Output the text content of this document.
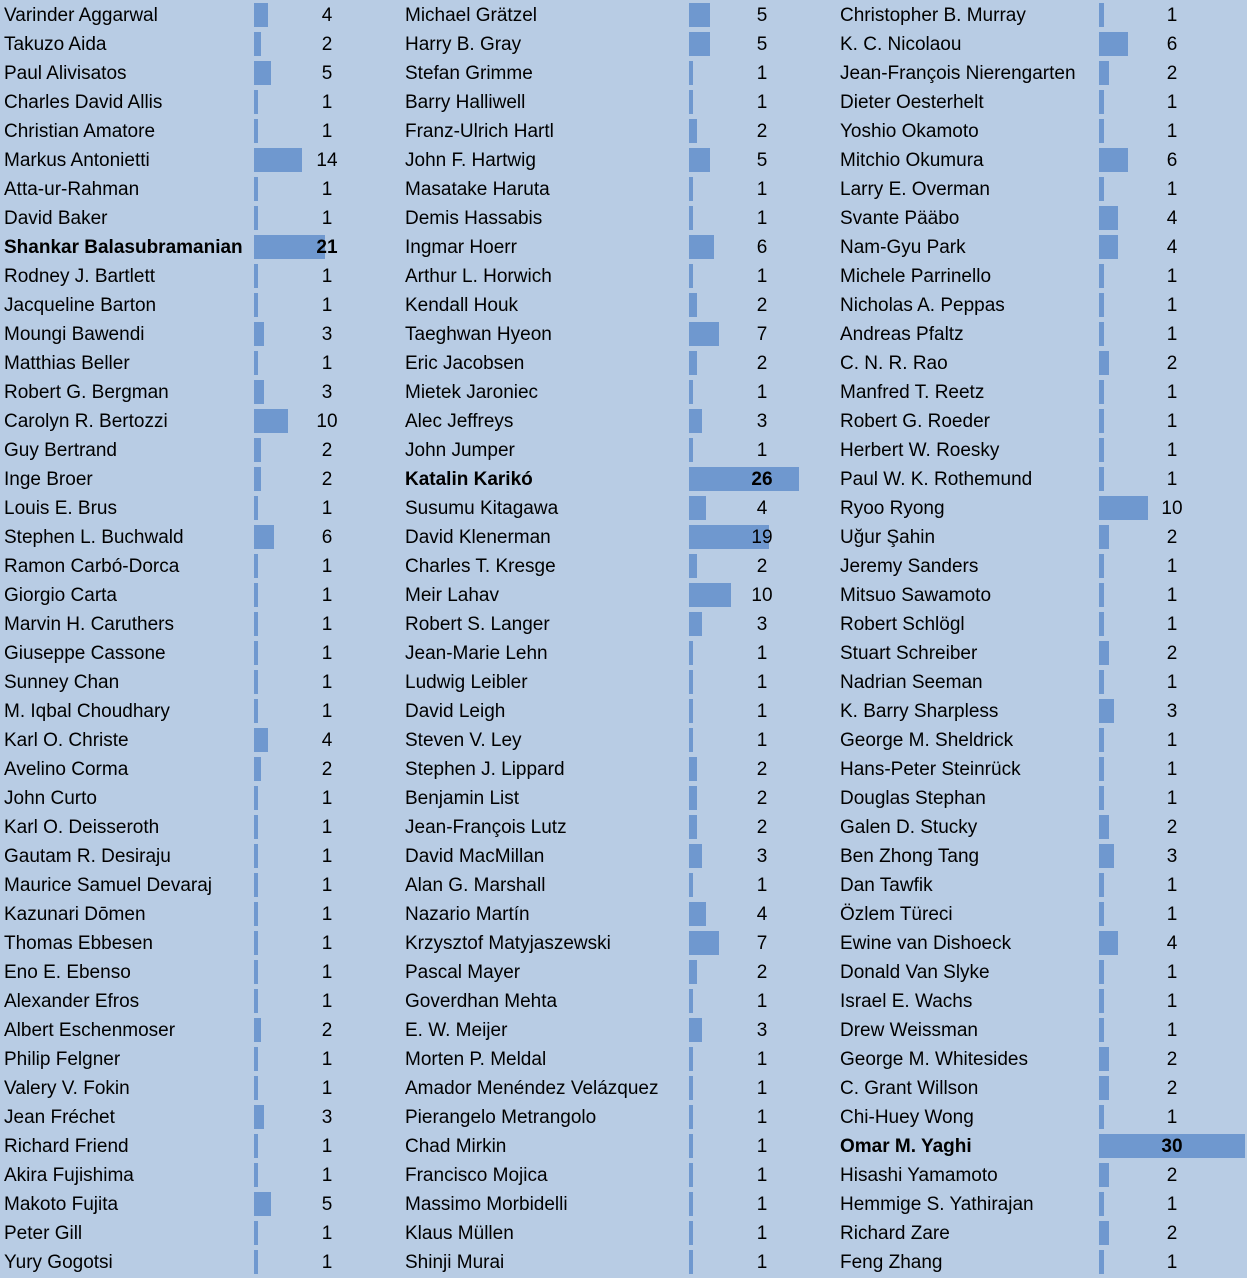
Varinder Aggarwal	4
Takuzo Aida	2
Paul Alivisatos	5
Charles David Allis	1
Christian Amatore	1
Markus Antonietti	14
Atta-ur-Rahman	1
David Baker	1
Shankar Balasubramanian	21
Rodney J. Bartlett	1
Jacqueline Barton	1
Moungi Bawendi	3
Matthias Beller	1
Robert G. Bergman	3
Carolyn R. Bertozzi	10
Guy Bertrand	2
Inge Broer	2
Louis E. Brus	1
Stephen L. Buchwald	6
Ramon Carbó-Dorca	1
Giorgio Carta	1
Marvin H. Caruthers	1
Giuseppe Cassone	1
Sunney Chan	1
M. Iqbal Choudhary	1
Karl O. Christe	4
Avelino Corma	2
John Curto	1
Karl O. Deisseroth	1
Gautam R. Desiraju	1
Maurice Samuel Devaraj	1
Kazunari Dōmen	1
Thomas Ebbesen	1
Eno E. Ebenso	1
Alexander Efros	1
Albert Eschenmoser	2
Philip Felgner	1
Valery V. Fokin	1
Jean Fréchet	3
Richard Friend	1
Akira Fujishima	1
Makoto Fujita	5
Peter Gill	1
Yury Gogotsi	1
Michael Grätzel	5
Harry B. Gray	5
Stefan Grimme	1
Barry Halliwell	1
Franz-Ulrich Hartl	2
John F. Hartwig	5
Masatake Haruta	1
Demis Hassabis	1
Ingmar Hoerr	6
Arthur L. Horwich	1
Kendall Houk	2
Taeghwan Hyeon	7
Eric Jacobsen	2
Mietek Jaroniec	1
Alec Jeffreys	3
John Jumper	1
Katalin Karikó	26
Susumu Kitagawa	4
David Klenerman	19
Charles T. Kresge	2
Meir Lahav	10
Robert S. Langer	3
Jean-Marie Lehn	1
Ludwig Leibler	1
David Leigh	1
Steven V. Ley	1
Stephen J. Lippard	2
Benjamin List	2
Jean-François Lutz	2
David MacMillan	3
Alan G. Marshall	1
Nazario Martín	4
Krzysztof Matyjaszewski	7
Pascal Mayer	2
Goverdhan Mehta	1
E. W. Meijer	3
Morten P. Meldal	1
Amador Menéndez Velázquez	1
Pierangelo Metrangolo	1
Chad Mirkin	1
Francisco Mojica	1
Massimo Morbidelli	1
Klaus Müllen	1
Shinji Murai	1
Christopher B. Murray	1
K. C. Nicolaou	6
Jean-François Nierengarten	2
Dieter Oesterhelt	1
Yoshio Okamoto	1
Mitchio Okumura	6
Larry E. Overman	1
Svante Pääbo	4
Nam-Gyu Park	4
Michele Parrinello	1
Nicholas A. Peppas	1
Andreas Pfaltz	1
C. N. R. Rao	2
Manfred T. Reetz	1
Robert G. Roeder	1
Herbert W. Roesky	1
Paul W. K. Rothemund	1
Ryoo Ryong	10
Uğur Şahin	2
Jeremy Sanders	1
Mitsuo Sawamoto	1
Robert Schlögl	1
Stuart Schreiber	2
Nadrian Seeman	1
K. Barry Sharpless	3
George M. Sheldrick	1
Hans-Peter Steinrück	1
Douglas Stephan	1
Galen D. Stucky	2
Ben Zhong Tang	3
Dan Tawfik	1
Özlem Türeci	1
Ewine van Dishoeck	4
Donald Van Slyke	1
Israel E. Wachs	1
Drew Weissman	1
George M. Whitesides	2
C. Grant Willson	2
Chi-Huey Wong	1
Omar M. Yaghi	30
Hisashi Yamamoto	2
Hemmige S. Yathirajan	1
Richard Zare	2
Feng Zhang	1
